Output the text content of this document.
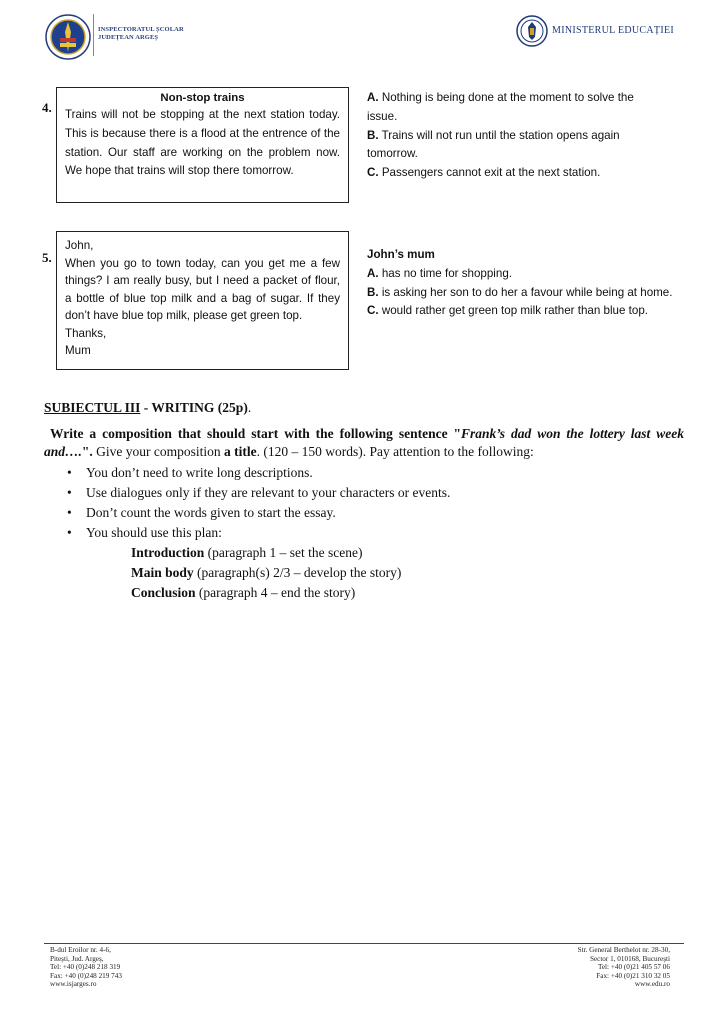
INSPECTORATUL ȘCOLAR
JUDEȚEAN ARGEȘ
MINISTERUL EDUCAȚIEI
4.
Non-stop trains
Trains will not be stopping at the next station today. This is because there is a flood at the entrence of the station. Our staff are working on the problem now. We hope that trains will stop there tomorrow.
A. Nothing is being done at the moment to solve the issue.
B. Trains will not run until the station opens again tomorrow.
C. Passengers cannot exit at the next station.
5.
John,
When you go to town today, can you get me a few things? I am really busy, but I need a packet of flour, a bottle of blue top milk and a bag of sugar. If they don’t have blue top milk, please get green top.
Thanks,
Mum
John’s mum
A. has no time for shopping.
B. is asking her son to do her a favour while being at home.
C. would rather get green top milk rather than blue top.
SUBIECTUL III - WRITING (25p).
Write a composition that should start with the following sentence "Frank’s dad won the lottery last week and….". Give your composition a title. (120 – 150 words). Pay attention to the following:
• You don’t need to write long descriptions.
• Use dialogues only if they are relevant to your characters or events.
• Don’t count the words given to start the essay.
• You should use this plan:
Introduction (paragraph 1 – set the scene)
Main body (paragraph(s) 2/3 – develop the story)
Conclusion (paragraph 4 – end the story)
B-dul Eroilor nr. 4-6,
Pitești, Jud. Argeș,
Tel: +40 (0)248 218 319
Fax: +40 (0)248 219 743
www.isjarges.ro
Str. General Berthelot nr. 28-30,
Sector 1, 010168, București
Tel: +40 (0)21 405 57 06
Fax: +40 (0)21 310 32 05
www.edu.ro
